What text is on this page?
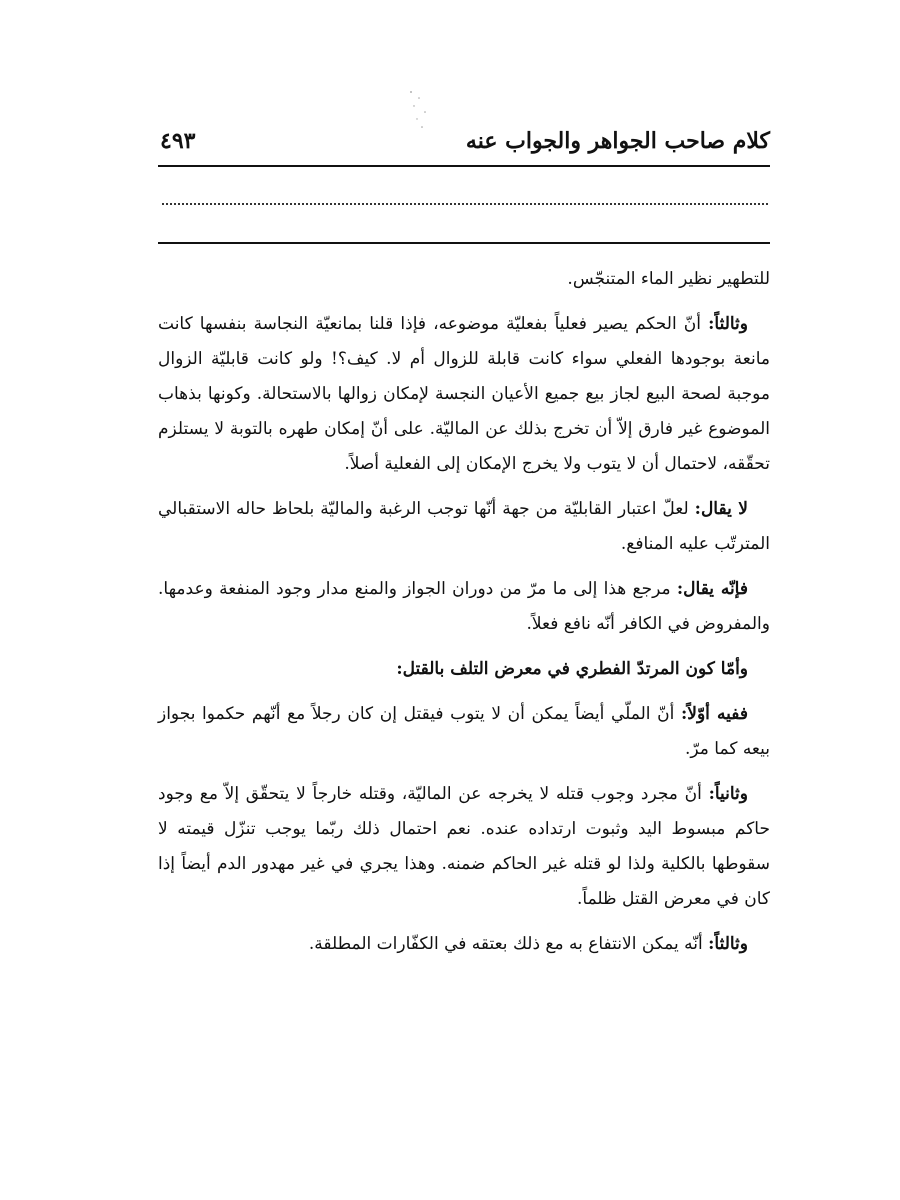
كلام صاحب الجواهر والجواب عنه
٤٩٣

للتطهير نظير الماء المتنجّس.

وثالثاً: أنّ الحكم يصير فعلياً بفعليّة موضوعه، فإذا قلنا بمانعيّة النجاسة بنفسها كانت مانعة بوجودها الفعلي سواء كانت قابلة للزوال أم لا. كيف؟! ولو كانت قابليّة الزوال موجبة لصحة البيع لجاز بيع جميع الأعيان النجسة لإمكان زوالها بالاستحالة. وكونها بذهاب الموضوع غير فارق إلاّ أن تخرج بذلك عن الماليّة. على أنّ إمكان طهره بالتوبة لا يستلزم تحقّقه، لاحتمال أن لا يتوب ولا يخرج الإمكان إلى الفعلية أصلاً.

لا يقال: لعلّ اعتبار القابليّة من جهة أنّها توجب الرغبة والماليّة بلحاظ حاله الاستقبالي المترتّب عليه المنافع.

فإنّه يقال: مرجع هذا إلى ما مرّ من دوران الجواز والمنع مدار وجود المنفعة وعدمها. والمفروض في الكافر أنّه نافع فعلاً.

وأمّا كون المرتدّ الفطري في معرض التلف بالقتل:

ففيه أوّلاً: أنّ الملّي أيضاً يمكن أن لا يتوب فيقتل إن كان رجلاً مع أنّهم حكموا بجواز بيعه كما مرّ.

وثانياً: أنّ مجرد وجوب قتله لا يخرجه عن الماليّة، وقتله خارجاً لا يتحقّق إلاّ مع وجود حاكم مبسوط اليد وثبوت ارتداده عنده. نعم احتمال ذلك ربّما يوجب تنزّل قيمته لا سقوطها بالكلية ولذا لو قتله غير الحاكم ضمنه. وهذا يجري في غير مهدور الدم أيضاً إذا كان في معرض القتل ظلماً.

وثالثاً: أنّه يمكن الانتفاع به مع ذلك بعتقه في الكفّارات المطلقة.
